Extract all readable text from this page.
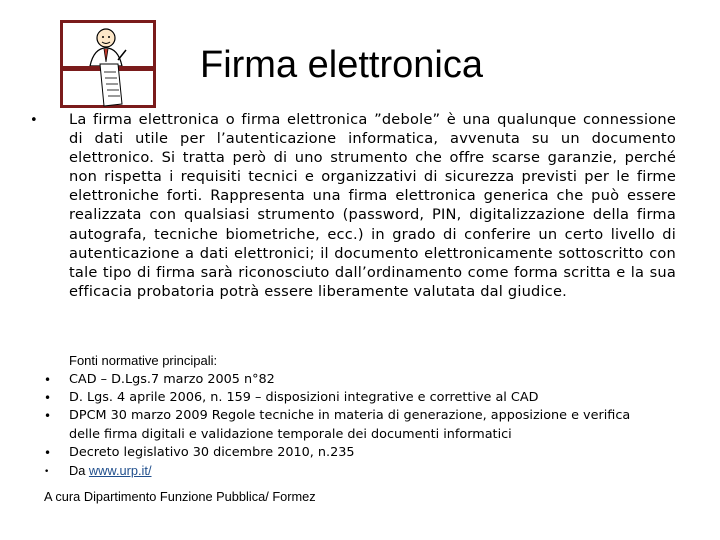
Firma elettronica
• La firma elettronica o firma elettronica ”debole” è una qualunque connessione di dati utile per l’autenticazione informatica, avvenuta su un documento elettronico. Si tratta però di uno strumento che offre scarse garanzie, perché non rispetta i requisiti tecnici e organizzativi di sicurezza previsti per le firme elettroniche forti. Rappresenta una firma elettronica generica che può essere realizzata con qualsiasi strumento (password, PIN, digitalizzazione della firma autografa, tecniche biometriche, ecc.) in grado di conferire un certo livello di autenticazione a dati elettronici; il documento elettronicamente sottoscritto con tale tipo di firma sarà riconosciuto dall’ordinamento come forma scritta e la sua efficacia probatoria potrà essere liberamente valutata dal giudice.
Fonti normative principali:
• CAD – D.Lgs.7 marzo 2005 n°82
• D. Lgs. 4 aprile 2006, n. 159 – disposizioni integrative e correttive al CAD
• DPCM 30 marzo 2009 Regole tecniche in materia di generazione, apposizione e verifica delle firma digitali e validazione temporale dei documenti informatici
• Decreto legislativo 30 dicembre 2010, n.235
• Da www.urp.it/
A cura Dipartimento Funzione Pubblica/ Formez
